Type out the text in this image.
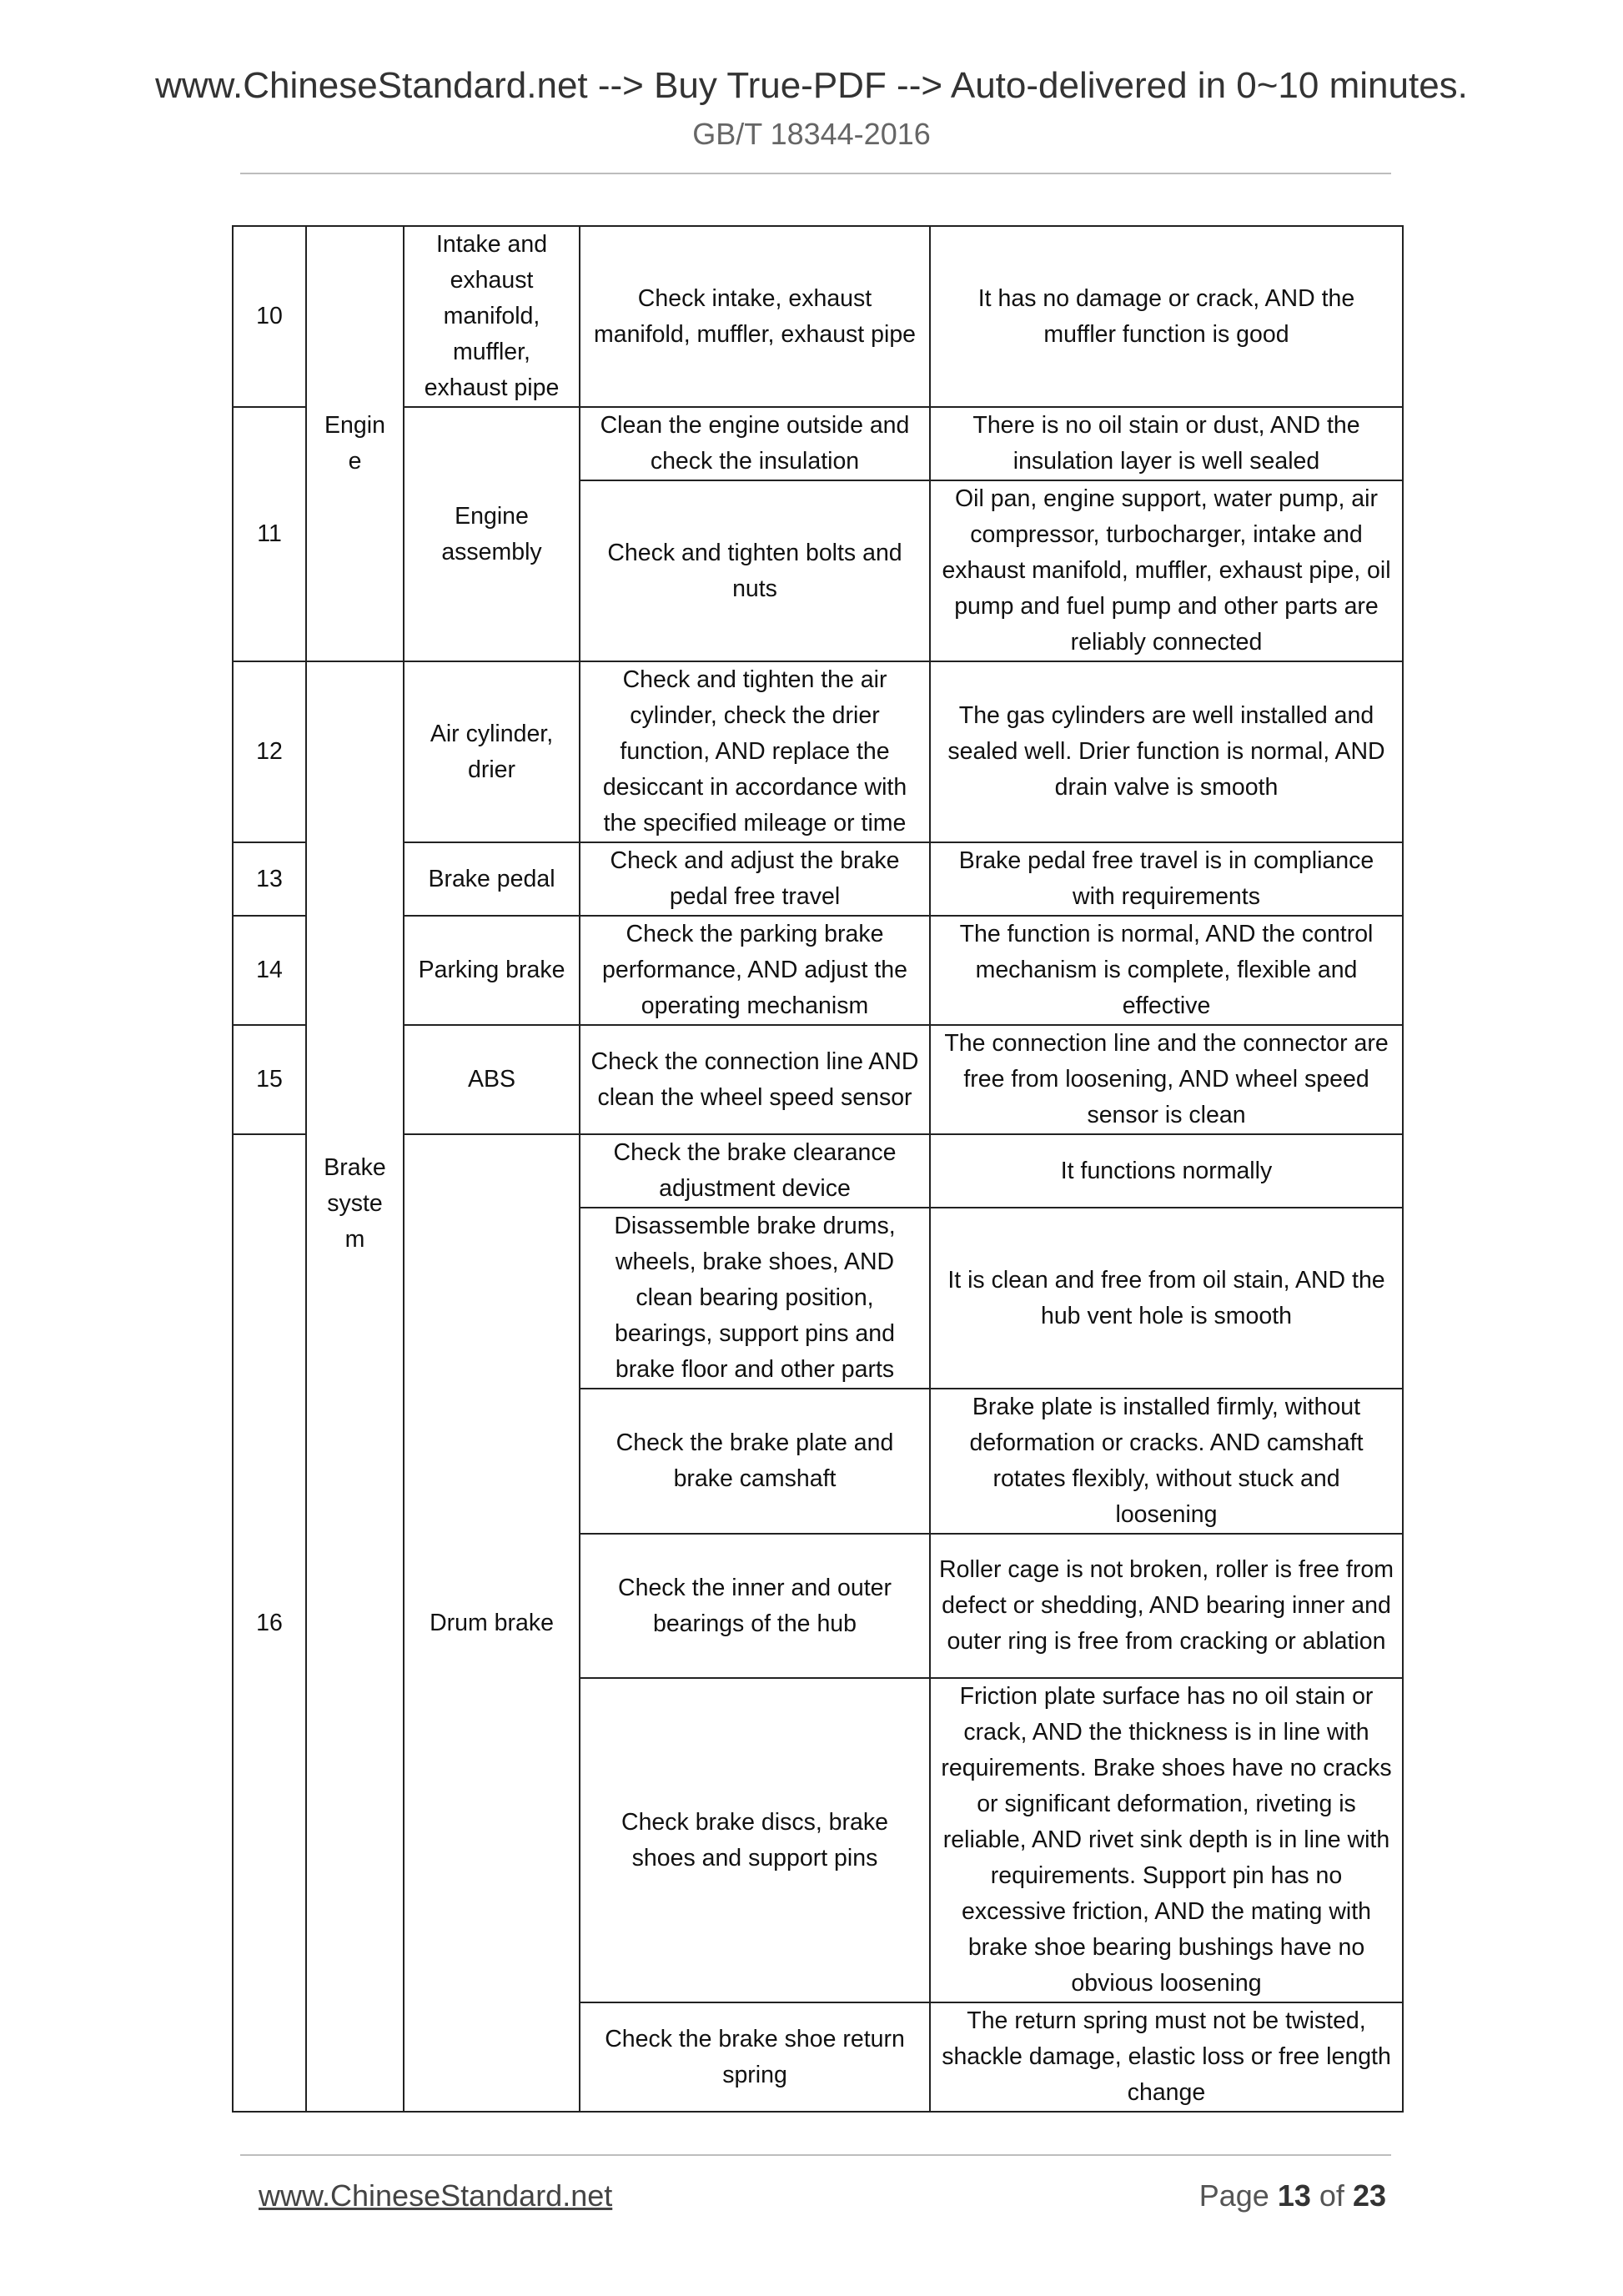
www.ChineseStandard.net --> Buy True-PDF --> Auto-delivered in 0~10 minutes.
GB/T 18344-2016
10	Engin e	Intake and exhaust manifold, muffler, exhaust pipe	Check intake, exhaust manifold, muffler, exhaust pipe	It has no damage or crack, AND the muffler function is good
11		Engine assembly	Clean the engine outside and check the insulation	There is no oil stain or dust, AND the insulation layer is well sealed
			Check and tighten bolts and nuts	Oil pan, engine support, water pump, air compressor, turbocharger, intake and exhaust manifold, muffler, exhaust pipe, oil pump and fuel pump and other parts are reliably connected
12	Brake syste m	Air cylinder, drier	Check and tighten the air cylinder, check the drier function, AND replace the desiccant in accordance with the specified mileage or time	The gas cylinders are well installed and sealed well. Drier function is normal, AND drain valve is smooth
13		Brake pedal	Check and adjust the brake pedal free travel	Brake pedal free travel is in compliance with requirements
14		Parking brake	Check the parking brake performance, AND adjust the operating mechanism	The function is normal, AND the control mechanism is complete, flexible and effective
15		ABS	Check the connection line AND clean the wheel speed sensor	The connection line and the connector are free from loosening, AND wheel speed sensor is clean
16		Drum brake	Check the brake clearance adjustment device	It functions normally
			Disassemble brake drums, wheels, brake shoes, AND clean bearing position, bearings, support pins and brake floor and other parts	It is clean and free from oil stain, AND the hub vent hole is smooth
			Check the brake plate and brake camshaft	Brake plate is installed firmly, without deformation or cracks. AND camshaft rotates flexibly, without stuck and loosening
			Check the inner and outer bearings of the hub	Roller cage is not broken, roller is free from defect or shedding, AND bearing inner and outer ring is free from cracking or ablation
			Check brake discs, brake shoes and support pins	Friction plate surface has no oil stain or crack, AND the thickness is in line with requirements. Brake shoes have no cracks or significant deformation, riveting is reliable, AND rivet sink depth is in line with requirements. Support pin has no excessive friction, AND the mating with brake shoe bearing bushings have no obvious loosening
			Check the brake shoe return spring	The return spring must not be twisted, shackle damage, elastic loss or free length change
www.ChineseStandard.net	Page 13 of 23
